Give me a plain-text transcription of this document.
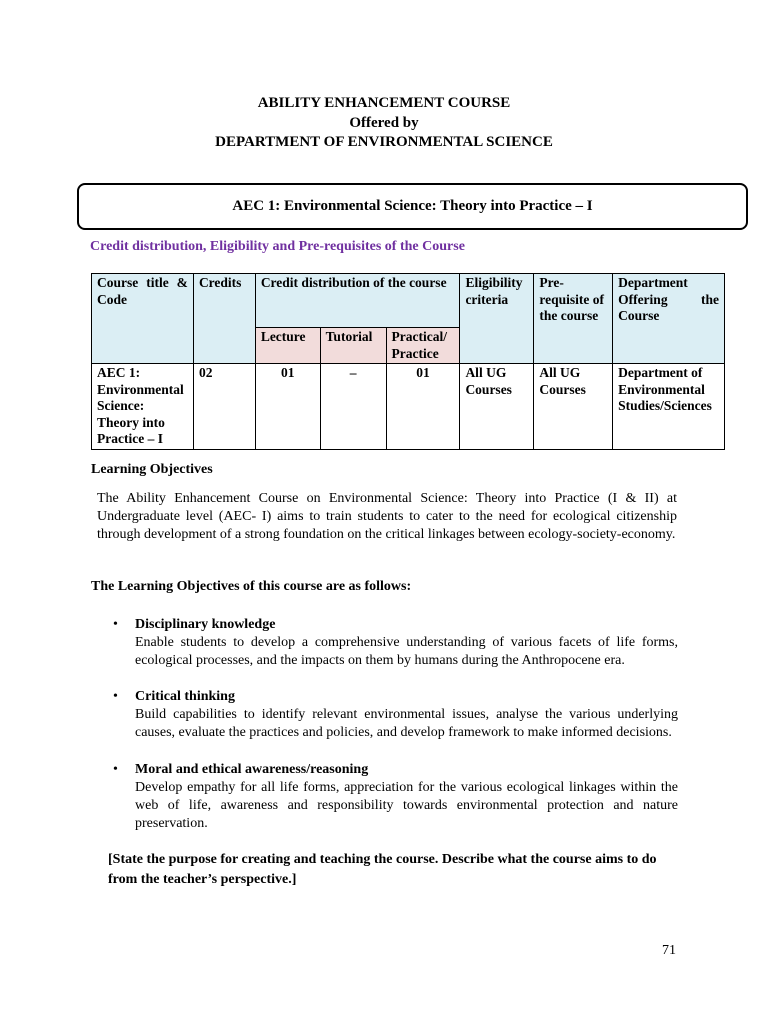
ABILITY ENHANCEMENT COURSE
Offered by
DEPARTMENT OF ENVIRONMENTAL SCIENCE
AEC 1: Environmental Science: Theory into Practice – I
Credit distribution, Eligibility and Pre-requisites of the Course
Course title & Code	Credits	Credit distribution of the course			Eligibility criteria	Pre-requisite of the course	Department Offering the Course
		Lecture	Tutorial	Practical/ Practice			
AEC 1: Environmental Science: Theory into Practice – I	02	01	–	01	All UG Courses	All UG Courses	Department of Environmental Studies/Sciences
Learning Objectives
The Ability Enhancement Course on Environmental Science: Theory into Practice (I & II) at Undergraduate level (AEC- I) aims to train students to cater to the need for ecological citizenship through development of a strong foundation on the critical linkages between ecology-society-economy.
The Learning Objectives of this course are as follows:
• Disciplinary knowledge
Enable students to develop a comprehensive understanding of various facets of life forms, ecological processes, and the impacts on them by humans during the Anthropocene era.
• Critical thinking
Build capabilities to identify relevant environmental issues, analyse the various underlying causes, evaluate the practices and policies, and develop framework to make informed decisions.
• Moral and ethical awareness/reasoning
Develop empathy for all life forms, appreciation for the various ecological linkages within the web of life, awareness and responsibility towards environmental protection and nature preservation.
[State the purpose for creating and teaching the course. Describe what the course aims to do from the teacher’s perspective.]
71
